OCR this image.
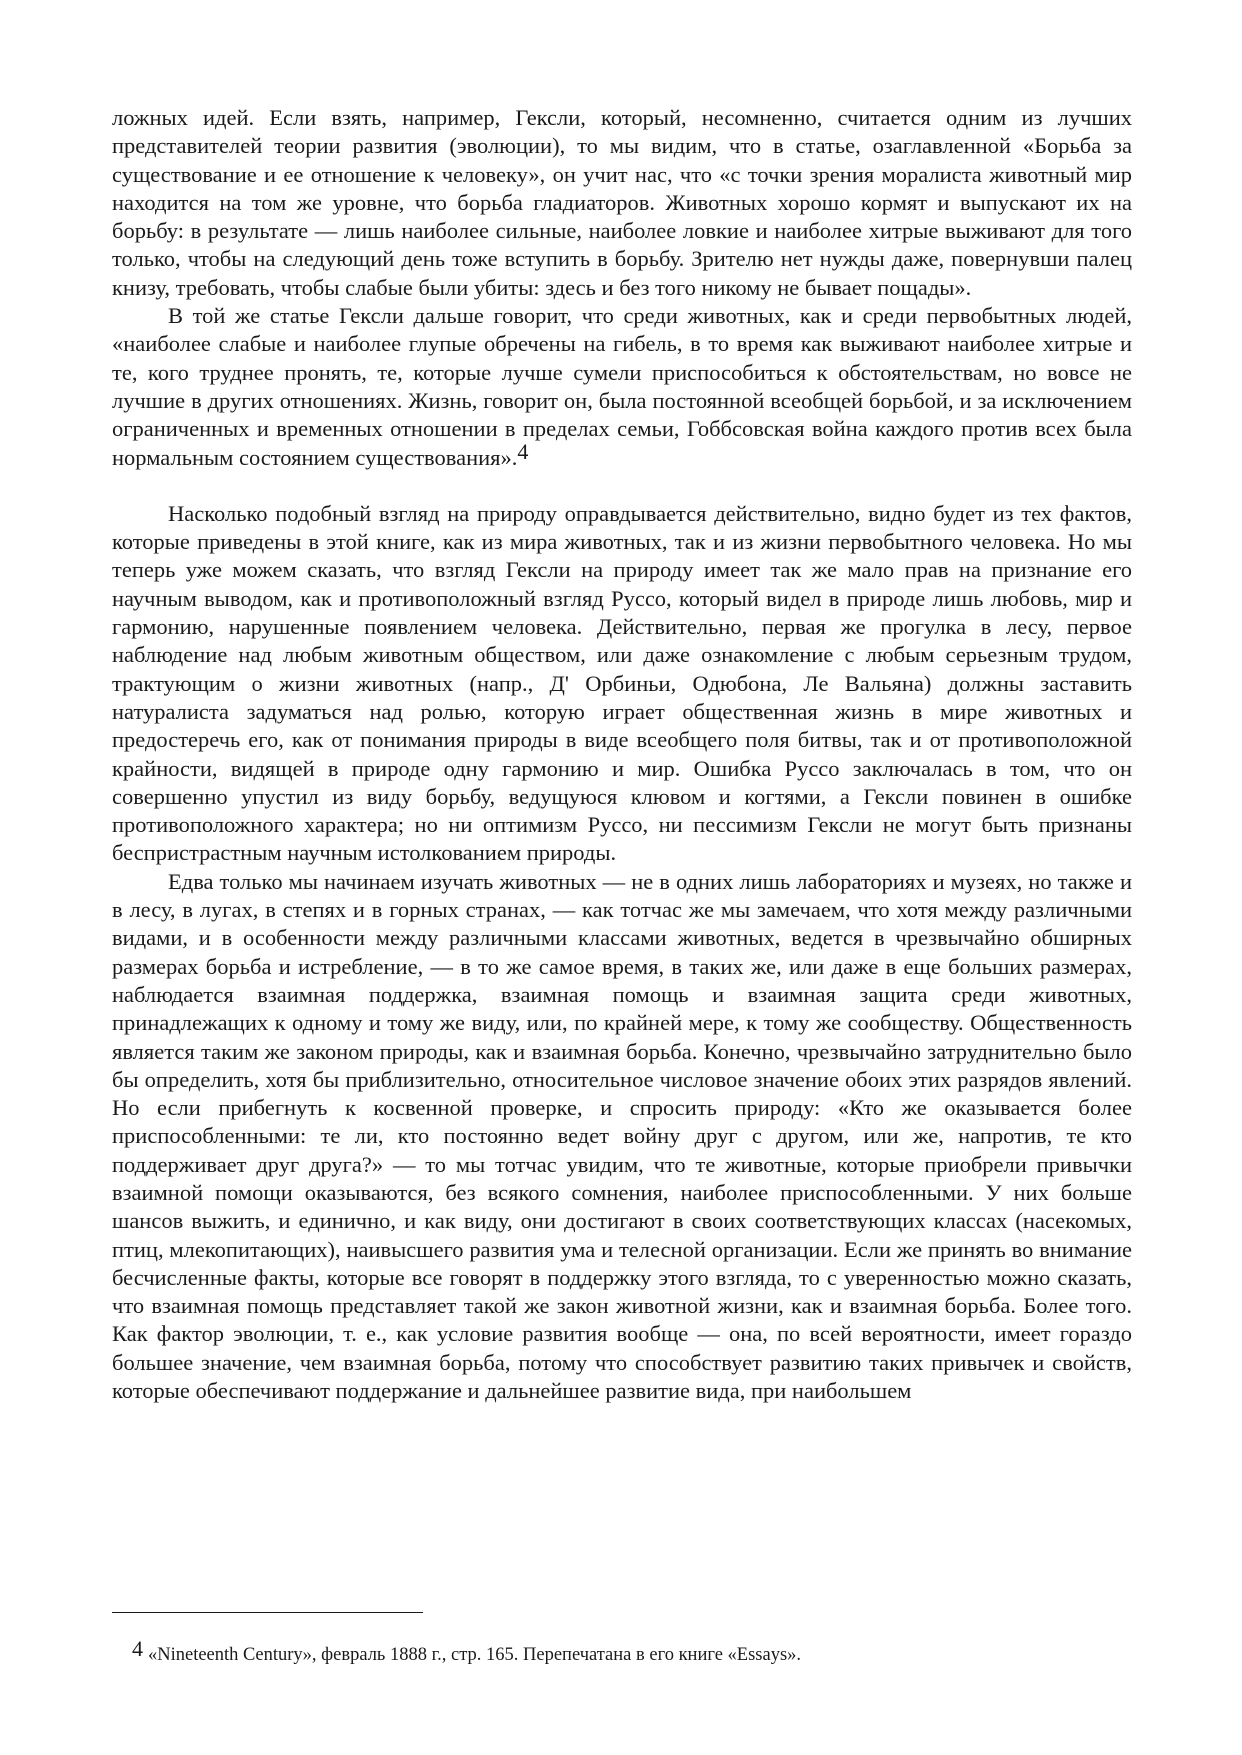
ложных идей. Если взять, например, Гексли, который, несомненно, считается одним из лучших представителей теории развития (эволюции), то мы видим, что в статье, озаглавленной «Борьба за существование и ее отношение к человеку», он учит нас, что «с точки зрения моралиста животный мир находится на том же уровне, что борьба гладиаторов. Животных хорошо кормят и выпускают их на борьбу: в результате — лишь наиболее сильные, наиболее ловкие и наиболее хитрые выживают для того только, чтобы на следующий день тоже вступить в борьбу. Зрителю нет нужды даже, повернувши палец книзу, требовать, чтобы слабые были убиты: здесь и без того никому не бывает пощады».

В той же статье Гексли дальше говорит, что среди животных, как и среди первобытных людей, «наиболее слабые и наиболее глупые обречены на гибель, в то время как выживают наиболее хитрые и те, кого труднее пронять, те, которые лучше сумели приспособиться к обстоятельствам, но вовсе не лучшие в других отношениях. Жизнь, говорит он, была постоянной всеобщей борьбой, и за исключением ограниченных и временных отношении в пределах семьи, Гоббсовская война каждого против всех была нормальным состоянием существования».4

Насколько подобный взгляд на природу оправдывается действительно, видно будет из тех фактов, которые приведены в этой книге, как из мира животных, так и из жизни первобытного человека. Но мы теперь уже можем сказать, что взгляд Гексли на природу имеет так же мало прав на признание его научным выводом, как и противоположный взгляд Руссо, который видел в природе лишь любовь, мир и гармонию, нарушенные появлением человека. Действительно, первая же прогулка в лесу, первое наблюдение над любым животным обществом, или даже ознакомление с любым серьезным трудом, трактующим о жизни животных (напр., Д' Орбиньи, Одюбона, Ле Вальяна) должны заставить натуралиста задуматься над ролью, которую играет общественная жизнь в мире животных и предостеречь его, как от понимания природы в виде всеобщего поля битвы, так и от противоположной крайности, видящей в природе одну гармонию и мир. Ошибка Руссо заключалась в том, что он совершенно упустил из виду борьбу, ведущуюся клювом и когтями, а Гексли повинен в ошибке противоположного характера; но ни оптимизм Руссо, ни пессимизм Гексли не могут быть признаны беспристрастным научным истолкованием природы.

Едва только мы начинаем изучать животных — не в одних лишь лабораториях и музеях, но также и в лесу, в лугах, в степях и в горных странах, — как тотчас же мы замечаем, что хотя между различными видами, и в особенности между различными классами животных, ведется в чрезвычайно обширных размерах борьба и истребление, — в то же самое время, в таких же, или даже в еще больших размерах, наблюдается взаимная поддержка, взаимная помощь и взаимная защита среди животных, принадлежащих к одному и тому же виду, или, по крайней мере, к тому же сообществу. Общественность является таким же законом природы, как и взаимная борьба. Конечно, чрезвычайно затруднительно было бы определить, хотя бы приблизительно, относительное числовое значение обоих этих разрядов явлений. Но если прибегнуть к косвенной проверке, и спросить природу: «Кто же оказывается более приспособленными: те ли, кто постоянно ведет войну друг с другом, или же, напротив, те кто поддерживает друг друга?» — то мы тотчас увидим, что те животные, которые приобрели привычки взаимной помощи оказываются, без всякого сомнения, наиболее приспособленными. У них больше шансов выжить, и единично, и как виду, они достигают в своих соответствующих классах (насекомых, птиц, млекопитающих), наивысшего развития ума и телесной организации. Если же принять во внимание бесчисленные факты, которые все говорят в поддержку этого взгляда, то с уверенностью можно сказать, что взаимная помощь представляет такой же закон животной жизни, как и взаимная борьба. Более того. Как фактор эволюции, т. е., как условие развития вообще — она, по всей вероятности, имеет гораздо большее значение, чем взаимная борьба, потому что способствует развитию таких привычек и свойств, которые обеспечивают поддержание и дальнейшее развитие вида, при наибольшем

4 «Nineteenth Century», февраль 1888 г., стр. 165. Перепечатана в его книге «Essays».
